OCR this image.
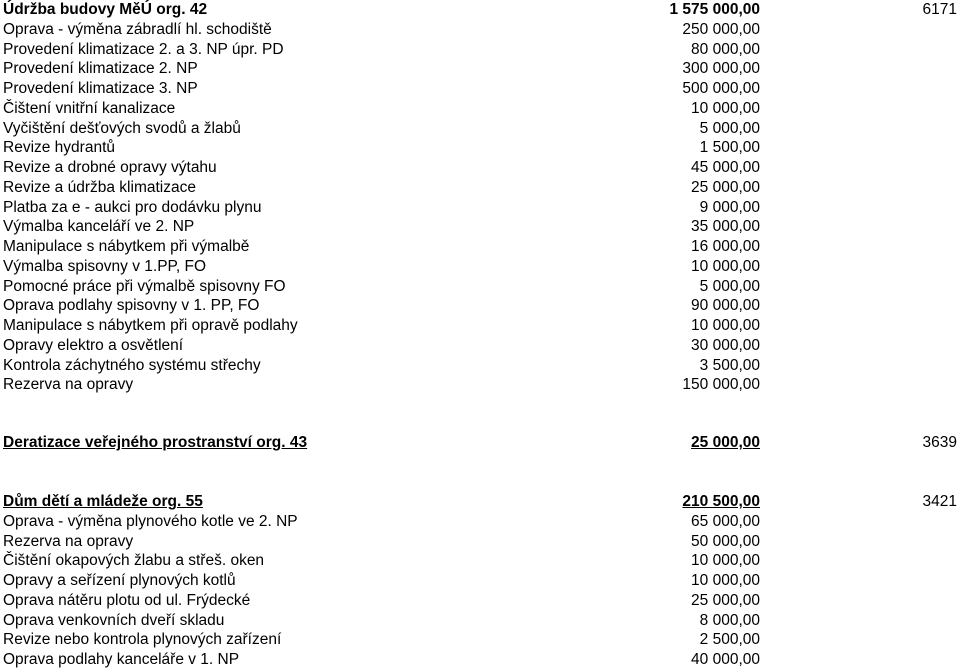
Údržba budovy MěÚ org. 42	1 575 000,00	6171
Oprava - výměna zábradlí hl. schodiště	250 000,00
Provedení klimatizace 2. a 3. NP úpr. PD	80 000,00
Provedení klimatizace 2. NP	300 000,00
Provedení klimatizace 3. NP	500 000,00
Čištení vnitřní kanalizace	10 000,00
Vyčištění dešťových svodů a žlabů	5 000,00
Revize hydrantů	1 500,00
Revize a drobné opravy výtahu	45 000,00
Revize a údržba klimatizace	25 000,00
Platba za e - aukci pro dodávku plynu	9 000,00
Výmalba kanceláří ve 2. NP	35 000,00
Manipulace s nábytkem při výmalbě	16 000,00
Výmalba spisovny v 1.PP, FO	10 000,00
Pomocné práce při výmalbě spisovny FO	5 000,00
Oprava podlahy spisovny v 1. PP, FO	90 000,00
Manipulace s nábytkem při opravě podlahy	10 000,00
Opravy elektro a osvětlení	30 000,00
Kontrola záchytného systému střechy	3 500,00
Rezerva na opravy	150 000,00
Deratizace veřejného prostranství org. 43	25 000,00	3639
Dům dětí a mládeže org. 55	210 500,00	3421
Oprava - výměna plynového kotle ve 2. NP	65 000,00
Rezerva na opravy	50 000,00
Čištění okapových žlabu a střeš. oken	10 000,00
Opravy a seřízení plynových kotlů	10 000,00
Oprava nátěru plotu od ul. Frýdecké	25 000,00
Oprava venkovních dveří skladu	8 000,00
Revize nebo kontrola plynových zařízení	2 500,00
Oprava podlahy kanceláře v 1. NP	40 000,00
